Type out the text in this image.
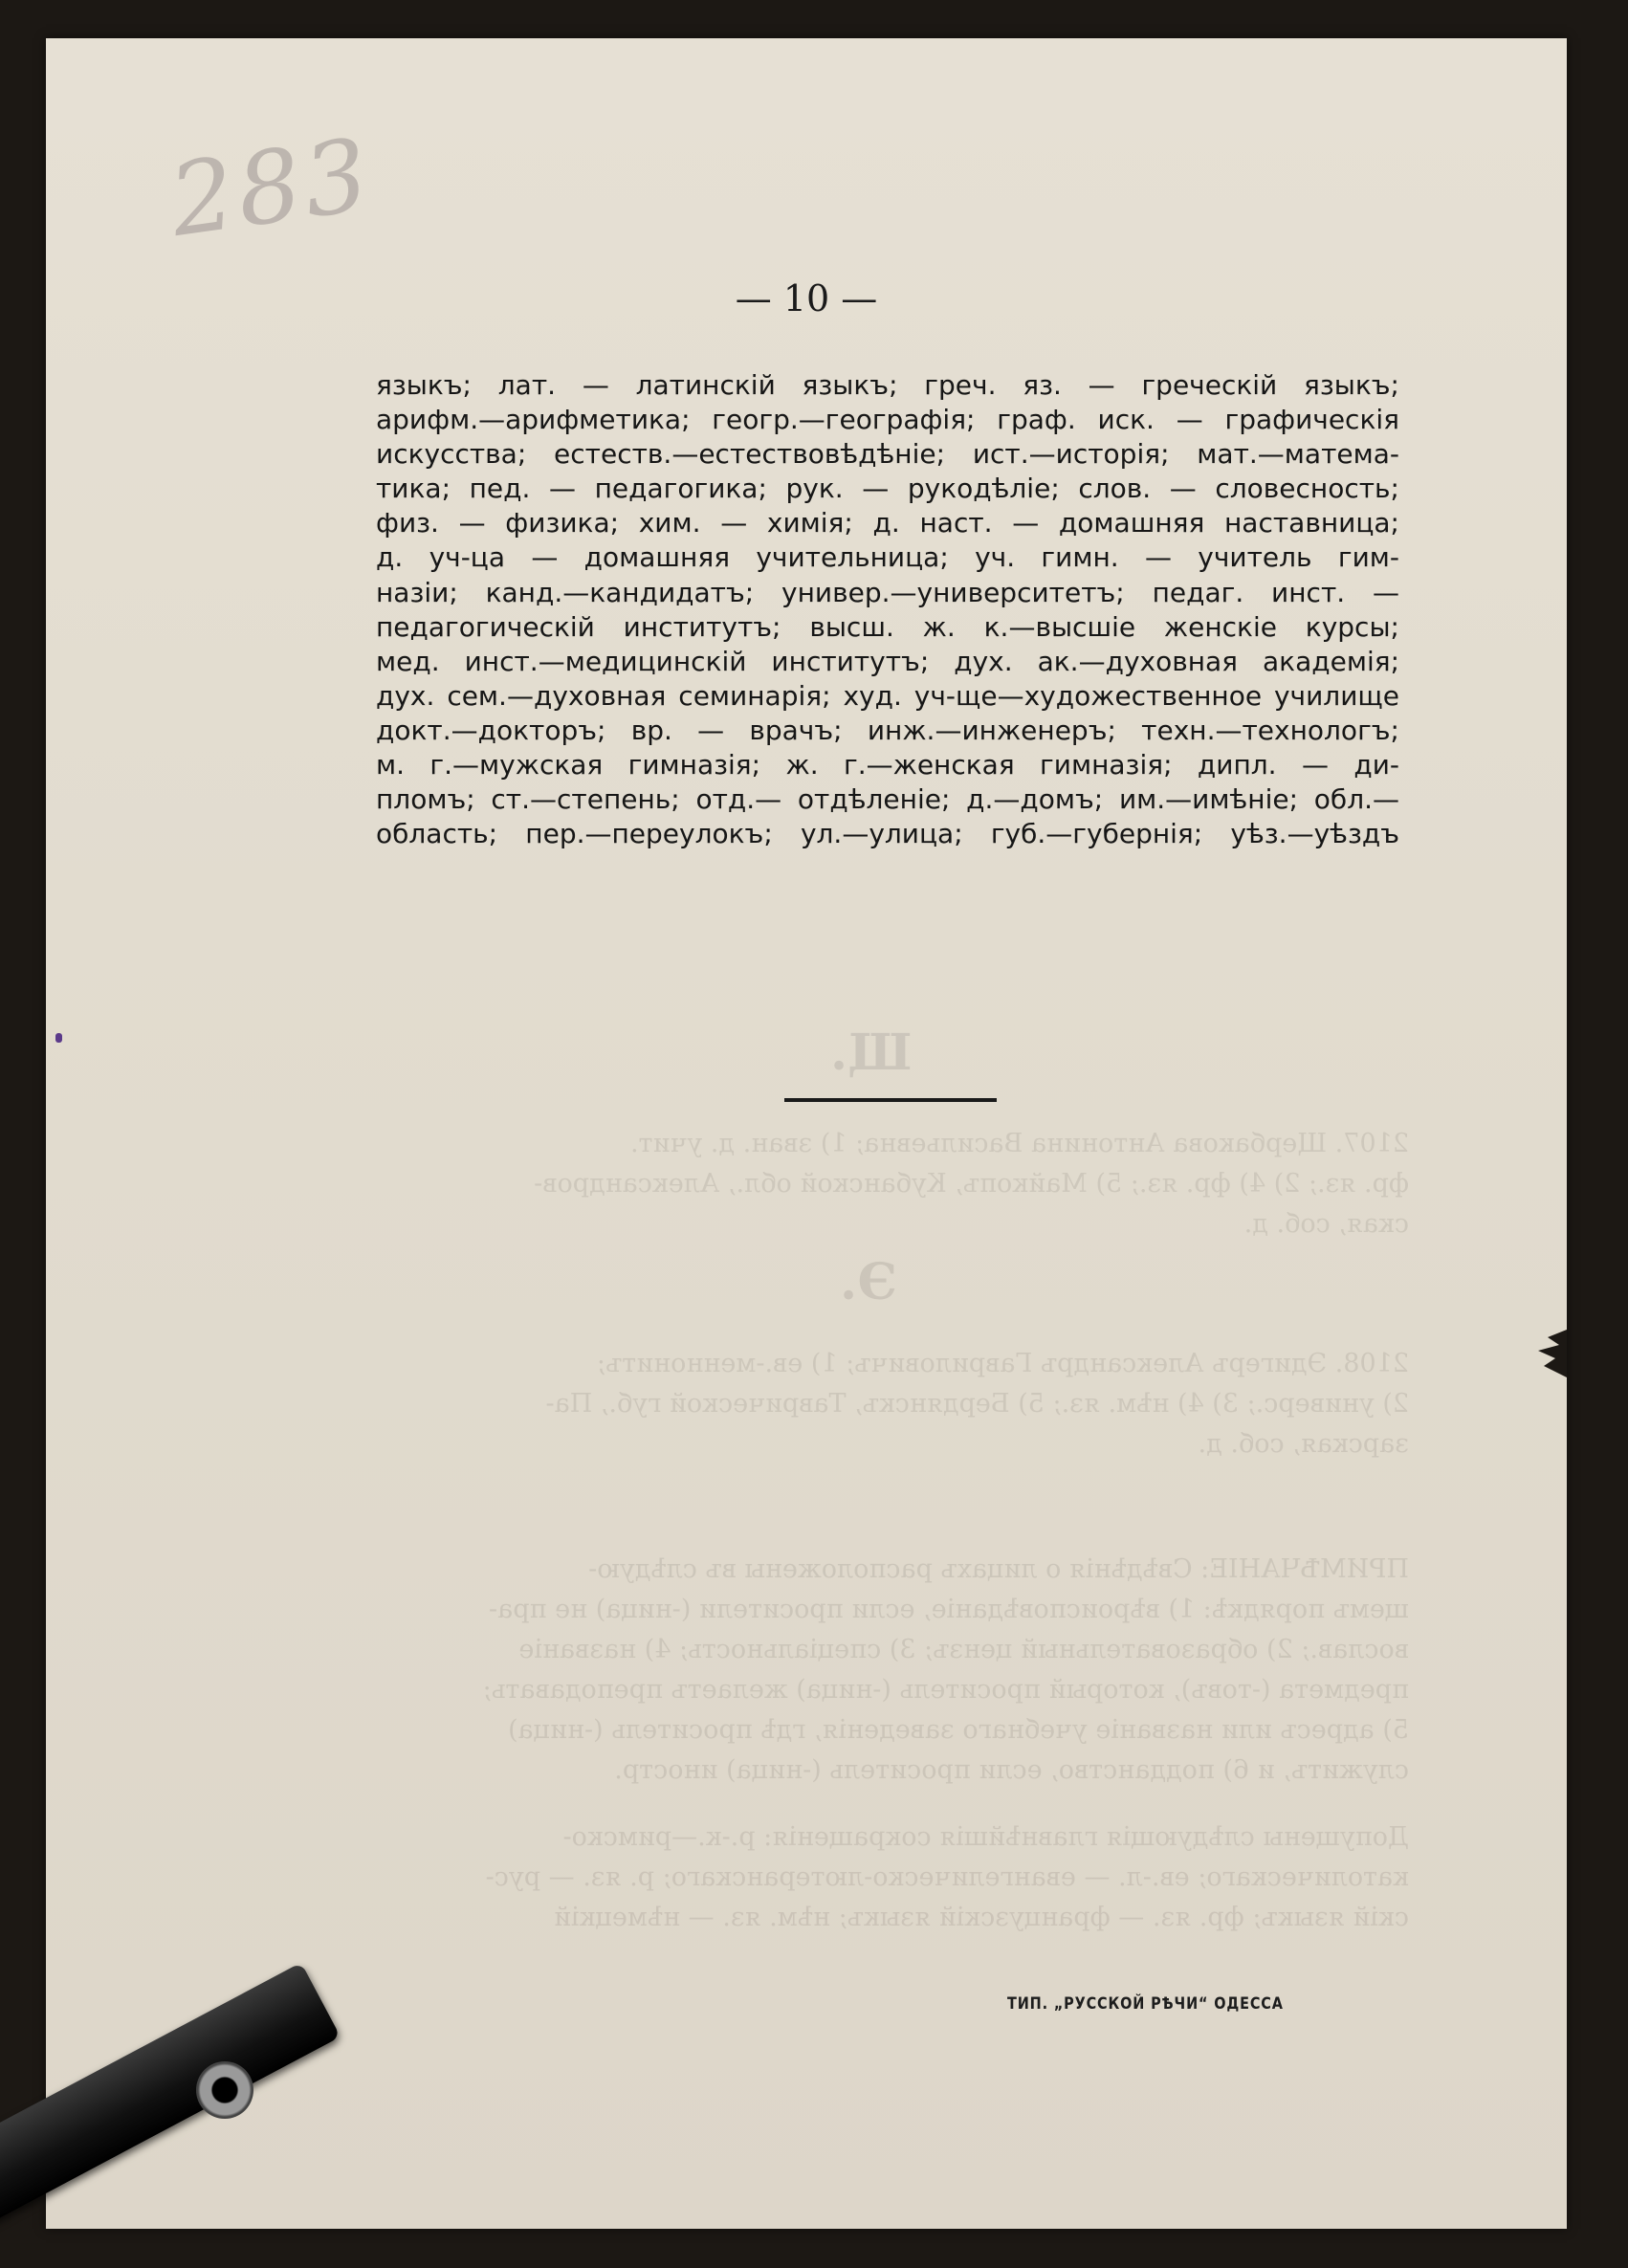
283
Щ.
2107. Щербакова Антонина Васильевна; 1) зван. д. учит.
фр. яз.; 2) 4) фр. яз.; 5) Майкопъ, Кубанской обл., Александров-
ская, соб. д.
Э.
2108. Эдигеръ Александръ Гавриловичъ; 1) ев.-меннонитъ;
2) универс.; 3) 4) нѣм. яз.; 5) Бердянскъ, Таврической губ., Па-
зарская, соб. д.
ПРИМѢЧАНІЕ: Свѣдѣнія о лицахъ расположены въ слѣдую-
щемъ порядкѣ: 1) вѣроисповѣданіе, если просители (-ница) не пра-
вослав.; 2) образовательный цензъ; 3) спеціальность; 4) названіе
предмета (-товъ), который проситель (-ница) желаетъ преподавать;
5) адресъ или названіе учебнаго заведенія, гдѣ проситель (-ница)
служитъ, и 6) подданство, если проситель (-ница) иностр.
Допущены слѣдующія главнѣйшія сокращенія: р.-к.—римско-
католическаго; ев.-л. — евангелическо-лютеранскаго; р. яз. — рус-
скій языкъ; фр. яз. — французскій языкъ; нѣм. яз. — нѣмецкій
— 10 —
языкъ; лат. — латинскій языкъ; греч. яз. — греческій языкъ;
арифм.—арифметика; геогр.—географія; граф. иск. — графическія
искусства; естеств.—естествовѣдѣніе; ист.—исторія; мат.—матема-
тика; пед. — педагогика; рук. — рукодѣліе; слов. — словесность;
физ. — физика; хим. — химія; д. наст. — домашняя наставница;
д. уч-ца — домашняя учительница; уч. гимн. — учитель гим-
назіи; канд.—кандидатъ; универ.—университетъ; педаг. инст. —
педагогическій институтъ; высш. ж. к.—высшіе женскіе курсы;
мед. инст.—медицинскій институтъ; дух. ак.—духовная академія;
дух. сем.—духовная семинарія; худ. уч-ще—художественное училище
докт.—докторъ; вр. — врачъ; инж.—инженеръ; техн.—технологъ;
м. г.—мужская гимназія; ж. г.—женская гимназія; дипл. — ди-
пломъ; ст.—степень; отд.— отдѣленіе; д.—домъ; им.—имѣніе; обл.—
область; пер.—переулокъ; ул.—улица; губ.—губернія; уѣз.—уѣздъ
ТИП. „РУССКОЙ РѢЧИ“ ОДЕССА
